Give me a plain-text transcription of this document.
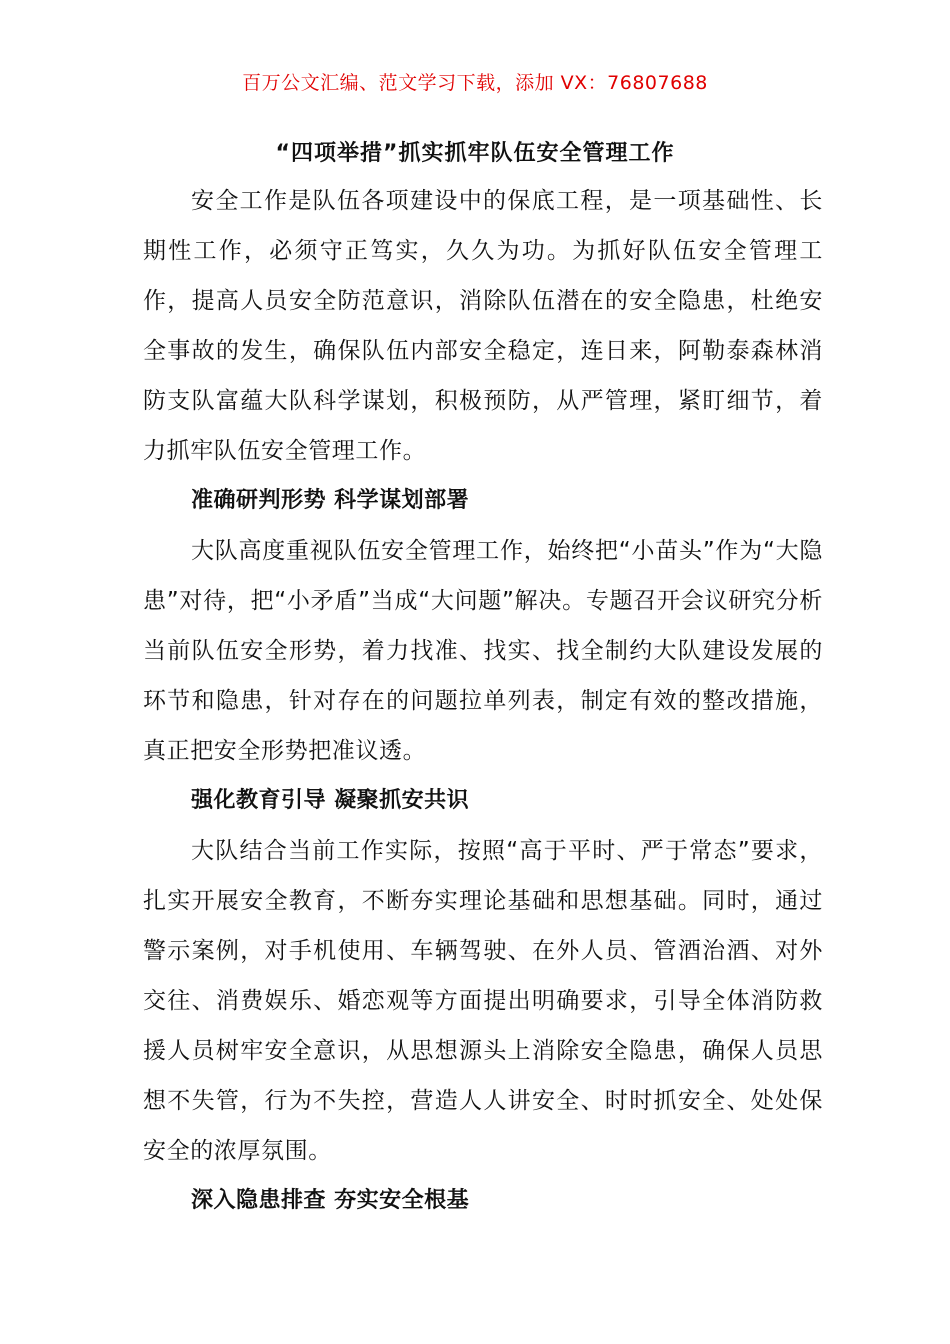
百万公文汇编、范文学习下载，添加 VX：76807688
“四项举措”抓实抓牢队伍安全管理工作

安全工作是队伍各项建设中的保底工程，是一项基础性、长期性工作，必须守正笃实，久久为功。为抓好队伍安全管理工作，提高人员安全防范意识，消除队伍潜在的安全隐患，杜绝安全事故的发生，确保队伍内部安全稳定，连日来，阿勒泰森林消防支队富蕴大队科学谋划，积极预防，从严管理，紧盯细节，着力抓牢队伍安全管理工作。

准确研判形势 科学谋划部署

大队高度重视队伍安全管理工作，始终把“小苗头”作为“大隐患”对待，把“小矛盾”当成“大问题”解决。专题召开会议研究分析当前队伍安全形势，着力找准、找实、找全制约大队建设发展的环节和隐患，针对存在的问题拉单列表，制定有效的整改措施，真正把安全形势把准议透。

强化教育引导 凝聚抓安共识

大队结合当前工作实际，按照“高于平时、严于常态”要求，扎实开展安全教育，不断夯实理论基础和思想基础。同时，通过警示案例，对手机使用、车辆驾驶、在外人员、管酒治酒、对外交往、消费娱乐、婚恋观等方面提出明确要求，引导全体消防救援人员树牢安全意识，从思想源头上消除安全隐患，确保人员思想不失管，行为不失控，营造人人讲安全、时时抓安全、处处保安全的浓厚氛围。

深入隐患排查 夯实安全根基
